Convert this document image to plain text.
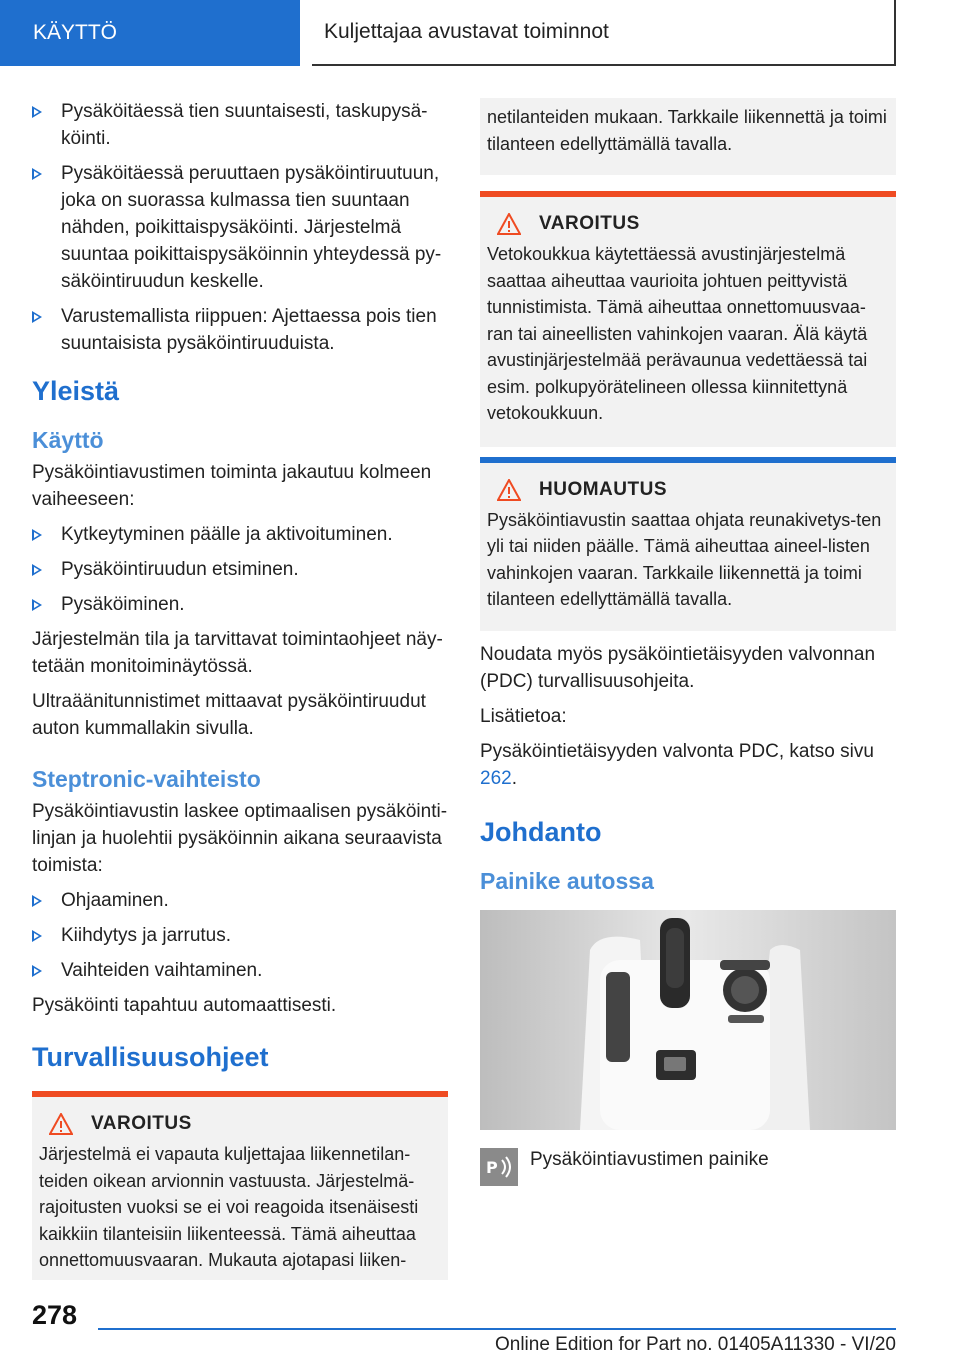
KÄYTTÖ	Kuljettajaa avustavat toiminnot
Pysäköitäessä tien suuntaisesti, taskupysä‐köinti.
Pysäköitäessä peruuttaen pysäköintiruutuun, joka on suorassa kulmassa tien suuntaan nähden, poikittaispysäköinti. Järjestelmä suuntaa poikittaispysäköinnin yhteydessä py‐säköintiruudun keskelle.
Varustemallista riippuen: Ajettaessa pois tien suuntaisista pysäköintiruuduista.
Yleistä
Käyttö

Pysäköintiavustimen toiminta jakautuu kolmeen vaiheeseen:

Kytkeytyminen päälle ja aktivoituminen.
Pysäköintiruudun etsiminen.
Pysäköiminen.

Järjestelmän tila ja tarvittavat toimintaohjeet näy‐tetään monitoiminäytössä.

Ultraäänitunnistimet mittaavat pysäköintiruudut auton kummallakin sivulla.

Steptronic-vaihteisto

Pysäköintiavustin laskee optimaalisen pysäköinti‐linjan ja huolehtii pysäköinnin aikana seuraavista toimista:

Ohjaaminen.
Kiihdytys ja jarrutus.
Vaihteiden vaihtaminen.

Pysäköinti tapahtuu automaattisesti.

Turvallisuusohjeet
VAROITUS

Järjestelmä ei vapauta kuljettajaa liikennetilan‐teiden oikean arvionnin vastuusta. Järjestelmä‐rajoitusten vuoksi se ei voi reagoida itsenäisesti kaikkiin tilanteisiin liikenteessä. Tämä aiheuttaa onnettomuusvaaran. Mukauta ajotapasi liiken‐

netilanteiden mukaan. Tarkkaile liikennettä ja toimi tilanteen edellyttämällä tavalla.

VAROITUS

Vetokoukkua käytettäessä avustinjärjestelmä saattaa aiheuttaa vaurioita johtuen peittyvistä tunnistimista. Tämä aiheuttaa onnettomuusvaa‐ran tai aineellisten vahinkojen vaaran. Älä käytä avustinjärjestelmää perävaunua vedettäessä tai esim. polkupyörätelineen ollessa kiinnitettynä vetokoukkuun.

HUOMAUTUS

Pysäköintiavustin saattaa ohjata reunakivetys‐ten yli tai niiden päälle. Tämä aiheuttaa aineel‐listen vahinkojen vaaran. Tarkkaile liikennettä ja toimi tilanteen edellyttämällä tavalla.

Noudata myös pysäköintietäisyyden valvonnan (PDC) turvallisuusohjeita.

Lisätietoa:

Pysäköintietäisyyden valvonta PDC, katso sivu 262.

Johdanto
Painike autossa
P Pysäköintiavustimen painike
278
Online Edition for Part no. 01405A11330 - VI/20
